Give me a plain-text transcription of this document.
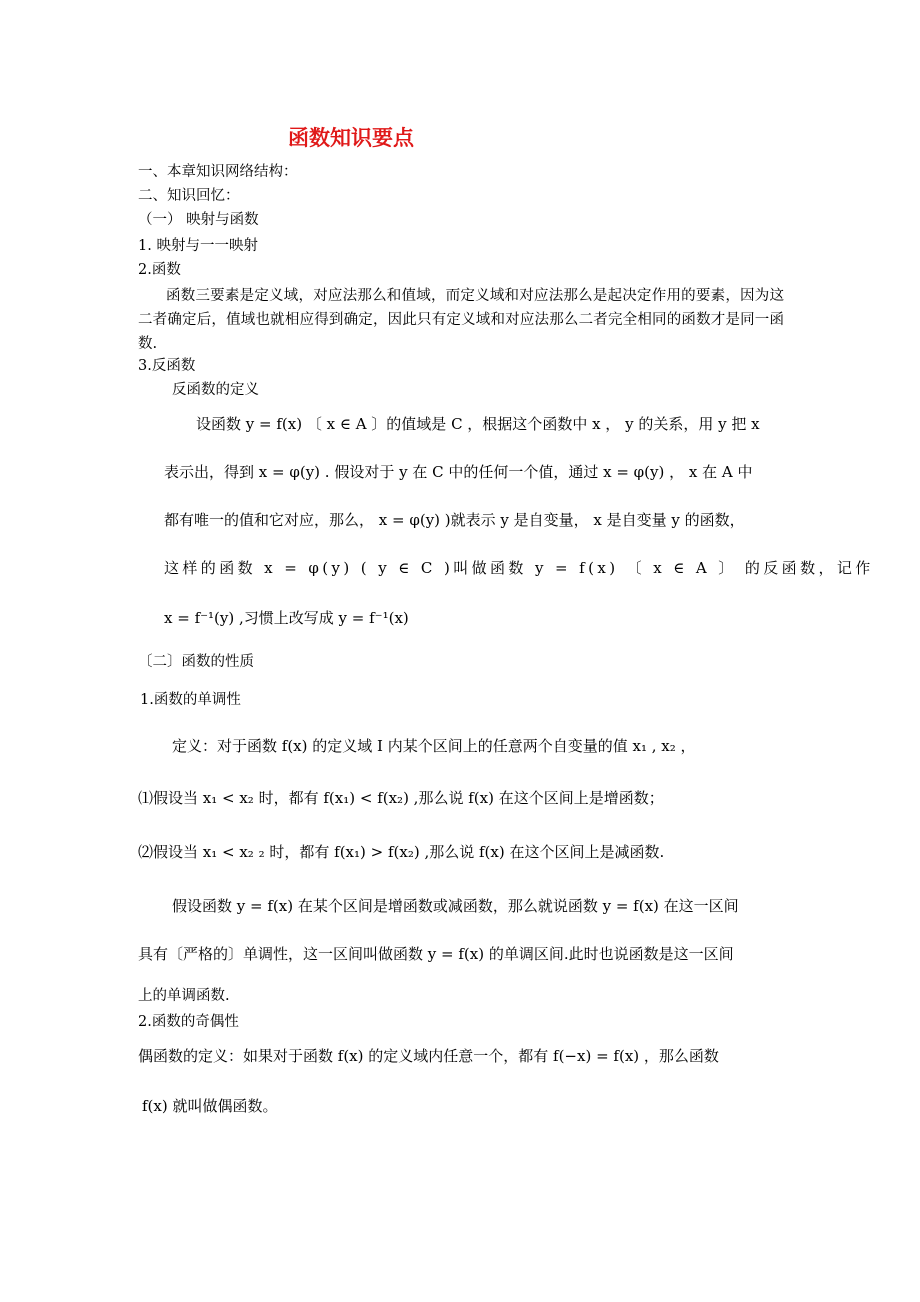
函数知识要点
一、本章知识网络结构：
二、知识回忆：
（一） 映射与函数
1. 映射与一一映射
2.函数
函数三要素是定义域，对应法那么和值域，而定义域和对应法那么是起决定作用的要素，因为这二者确定后，值域也就相应得到确定，因此只有定义域和对应法那么二者完全相同的函数才是同一函数.
3.反函数
反函数的定义
设函数 y = f(x) 〔 x ∈ A 〕的值域是 C ，根据这个函数中 x ， y 的关系，用 y 把 x
表示出，得到 x = φ(y) . 假设对于 y 在 C 中的任何一个值，通过 x = φ(y) ， x 在 A 中
都有唯一的值和它对应，那么， x = φ(y) )就表示 y 是自变量， x 是自变量 y 的函数，
这样的函数 x = φ(y) ( y ∈ C )叫做函数 y = f(x) 〔 x ∈ A 〕 的反函数，记作
x = f⁻¹(y) ,习惯上改写成 y = f⁻¹(x)
〔二〕函数的性质
1.函数的单调性
定义：对于函数 f(x) 的定义域 I 内某个区间上的任意两个自变量的值 x₁ , x₂ ，
⑴假设当 x₁ < x₂ 时，都有 f(x₁) < f(x₂) ,那么说 f(x) 在这个区间上是增函数；
⑵假设当 x₁ < x₂ ₂ 时，都有 f(x₁) > f(x₂) ,那么说 f(x) 在这个区间上是减函数.
假设函数 y = f(x) 在某个区间是增函数或减函数，那么就说函数 y = f(x) 在这一区间
具有〔严格的〕单调性，这一区间叫做函数 y = f(x) 的单调区间.此时也说函数是这一区间
上的单调函数.
2.函数的奇偶性
偶函数的定义：如果对于函数 f(x) 的定义域内任意一个，都有 f(−x) = f(x) ，那么函数
f(x) 就叫做偶函数。
